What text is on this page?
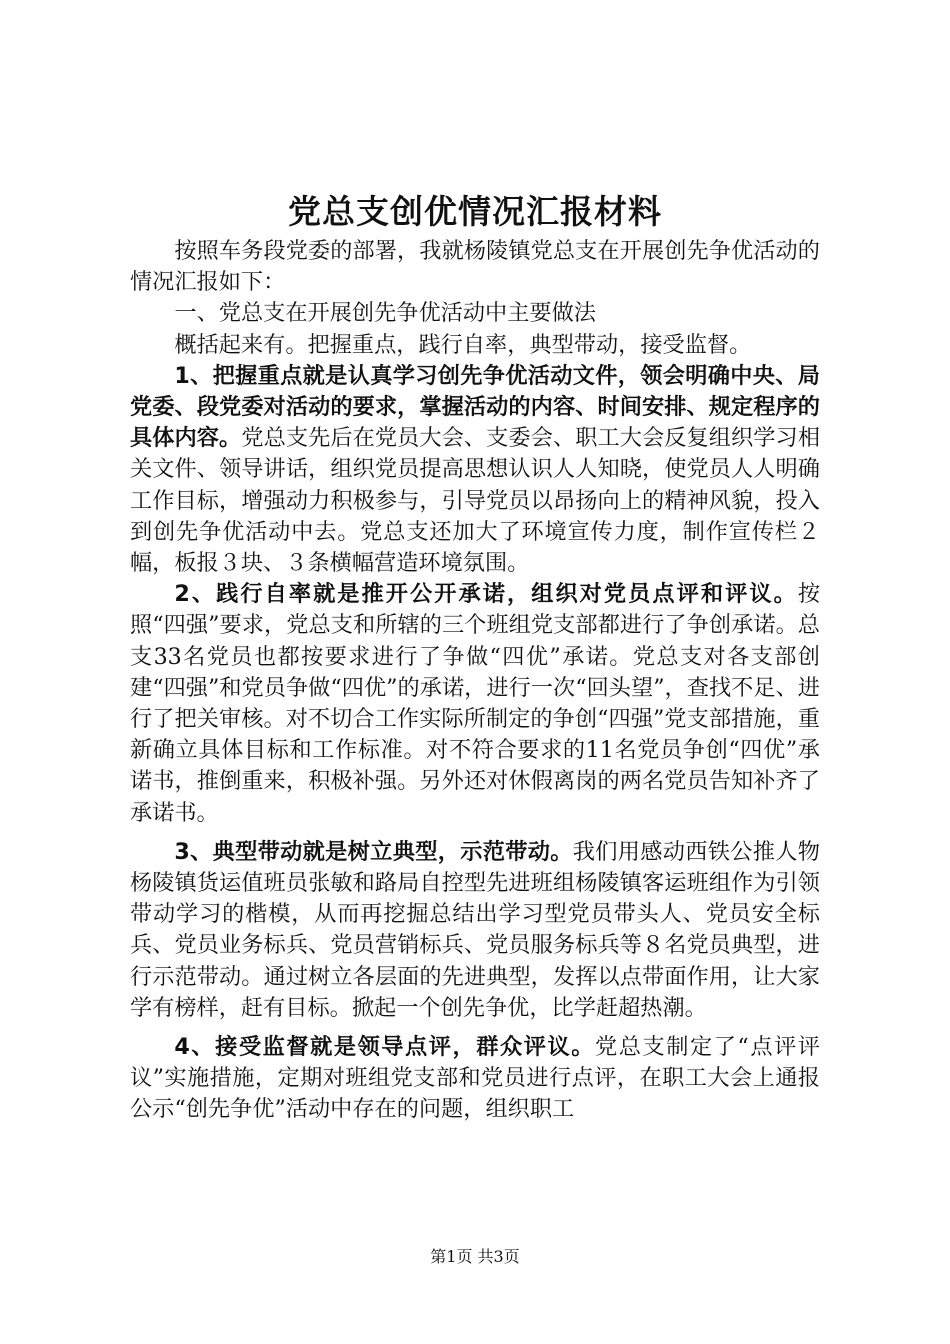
党总支创优情况汇报材料

按照车务段党委的部署，我就杨陵镇党总支在开展创先争优活动的情况汇报如下：

一、党总支在开展创先争优活动中主要做法

概括起来有。把握重点，践行自率，典型带动，接受监督。

1、把握重点就是认真学习创先争优活动文件，领会明确中央、局党委、段党委对活动的要求，掌握活动的内容、时间安排、规定程序的具体内容。党总支先后在党员大会、支委会、职工大会反复组织学习相关文件、领导讲话，组织党员提高思想认识人人知晓，使党员人人明确工作目标，增强动力积极参与，引导党员以昂扬向上的精神风貌，投入到创先争优活动中去。党总支还加大了环境宣传力度，制作宣传栏２幅，板报３块、３条横幅营造环境氛围。

2、践行自率就是推开公开承诺，组织对党员点评和评议。按照“四强”要求，党总支和所辖的三个班组党支部都进行了争创承诺。总支33名党员也都按要求进行了争做“四优”承诺。党总支对各支部创建“四强”和党员争做“四优”的承诺，进行一次“回头望”，查找不足、进行了把关审核。对不切合工作实际所制定的争创“四强”党支部措施，重新确立具体目标和工作标准。对不符合要求的11名党员争创“四优”承诺书，推倒重来，积极补强。另外还对休假离岗的两名党员告知补齐了承诺书。

3、典型带动就是树立典型，示范带动。我们用感动西铁公推人物杨陵镇货运值班员张敏和路局自控型先进班组杨陵镇客运班组作为引领带动学习的楷模，从而再挖掘总结出学习型党员带头人、党员安全标兵、党员业务标兵、党员营销标兵、党员服务标兵等８名党员典型，进行示范带动。通过树立各层面的先进典型，发挥以点带面作用，让大家学有榜样，赶有目标。掀起一个创先争优，比学赶超热潮。

4、接受监督就是领导点评，群众评议。党总支制定了“点评评议”实施措施，定期对班组党支部和党员进行点评，在职工大会上通报公示“创先争优”活动中存在的问题，组织职工

第1页 共3页
